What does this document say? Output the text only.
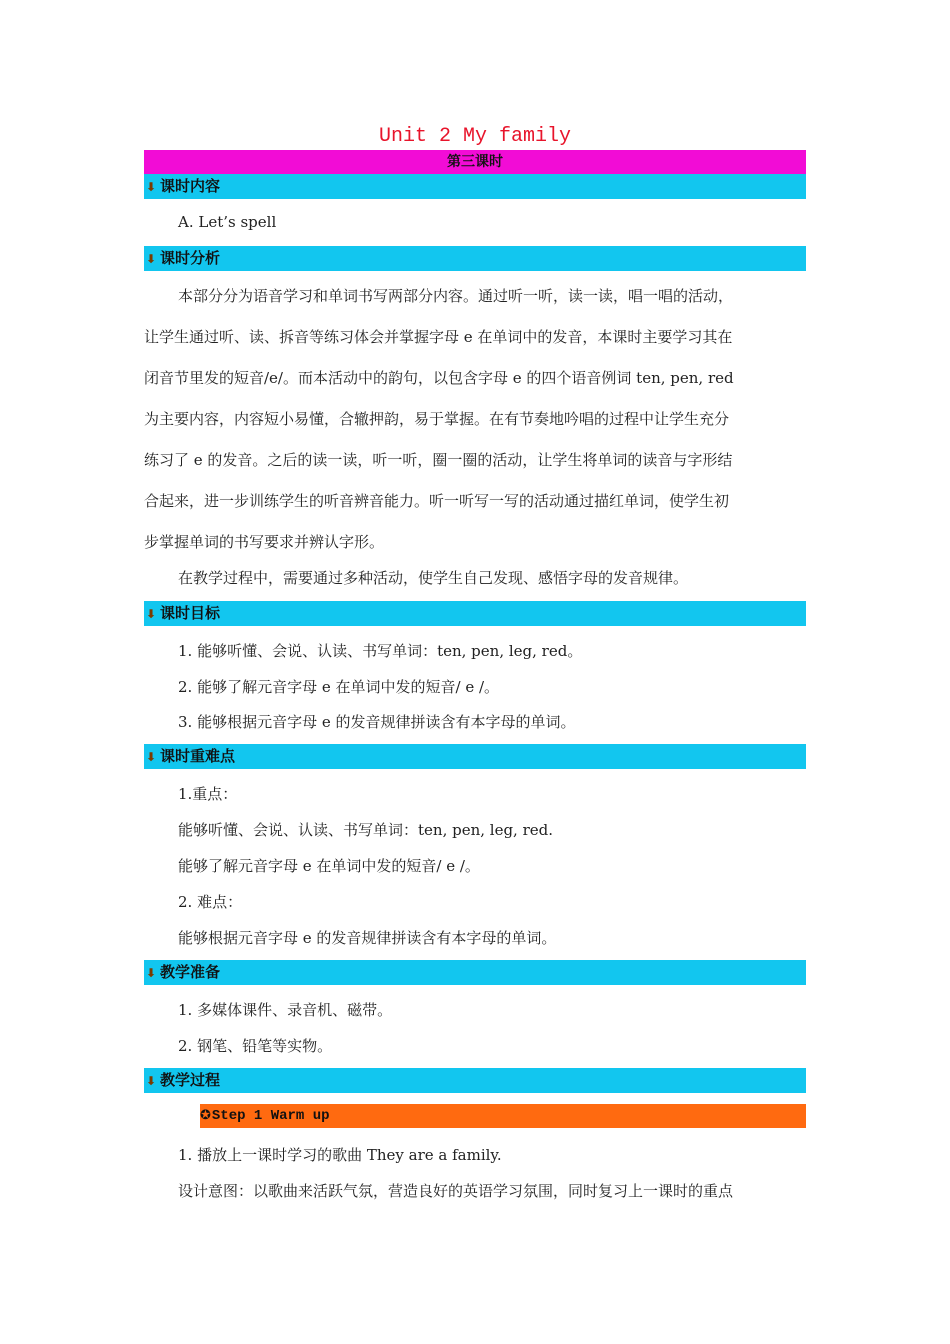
Unit 2 My family
第三课时
⬇ 课时内容
A. Let’s spell
⬇ 课时分析
本部分分为语音学习和单词书写两部分内容。通过听一听，读一读，唱一唱的活动，
让学生通过听、读、拆音等练习体会并掌握字母 e 在单词中的发音，本课时主要学习其在
闭音节里发的短音/e/。而本活动中的韵句，以包含字母 e 的四个语音例词 ten, pen, red
为主要内容，内容短小易懂，合辙押韵，易于掌握。在有节奏地吟唱的过程中让学生充分
练习了 e 的发音。之后的读一读，听一听，圈一圈的活动，让学生将单词的读音与字形结
合起来，进一步训练学生的听音辨音能力。听一听写一写的活动通过描红单词，使学生初
步掌握单词的书写要求并辨认字形。
在教学过程中，需要通过多种活动，使学生自己发现、感悟字母的发音规律。
⬇ 课时目标
1. 能够听懂、会说、认读、书写单词：ten, pen, leg, red。
2. 能够了解元音字母 e 在单词中发的短音/ e /。
3. 能够根据元音字母 e 的发音规律拼读含有本字母的单词。
⬇ 课时重难点
1.重点：
能够听懂、会说、认读、书写单词：ten, pen, leg, red.
能够了解元音字母 e 在单词中发的短音/ e /。
2. 难点：
能够根据元音字母 e 的发音规律拼读含有本字母的单词。
⬇ 教学准备
1. 多媒体课件、录音机、磁带。
2. 钢笔、铅笔等实物。
⬇ 教学过程
✪Step 1 Warm up
1. 播放上一课时学习的歌曲 They are a family.
设计意图：以歌曲来活跃气氛，营造良好的英语学习氛围，同时复习上一课时的重点
